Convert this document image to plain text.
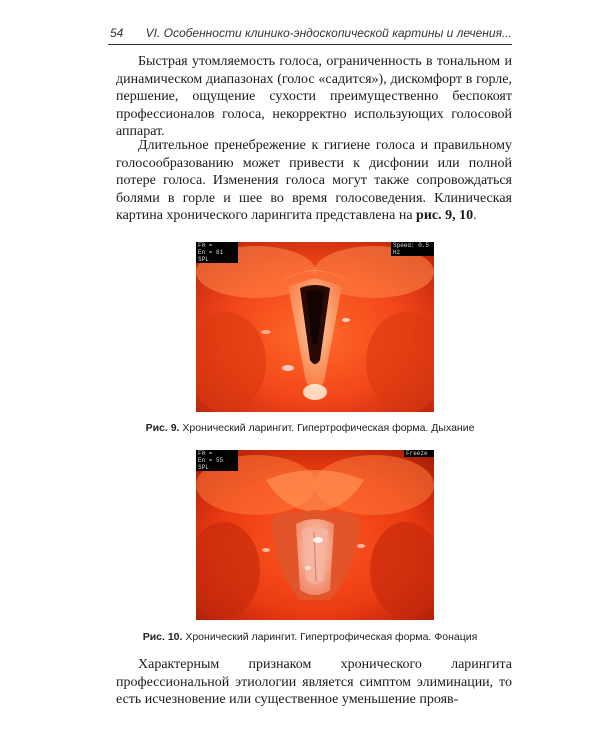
54 VI. Особенности клинико-эндоскопической картины и лечения...

Быстрая утомляемость голоса, ограниченность в тональном и динамическом диапазонах (голос «садится»), дискомфорт в горле, першение, ощущение сухости преимущественно беспокоят профессионалов голоса, некорректно использующих голосовой аппарат.

Длительное пренебрежение к гигиене голоса и правильному голосообразованию может привести к дисфонии или полной потере голоса. Изменения голоса могут также сопровождаться болями в горле и шее во время голосоведения. Клиническая картина хронического ларингита представлена на рис. 9, 10.

F0 =
En = 61 SPL
Speed: 0.5 Hz
Рис. 9. Хронический ларингит. Гипертрофическая форма. Дыхание
F0 =
En = 55 SPL
Freeze
Рис. 10. Хронический ларингит. Гипертрофическая форма. Фонация

Характерным признаком хронического ларингита профессиональной этиологии является симптом элиминации, то есть исчезновение или существенное уменьшение прояв-
